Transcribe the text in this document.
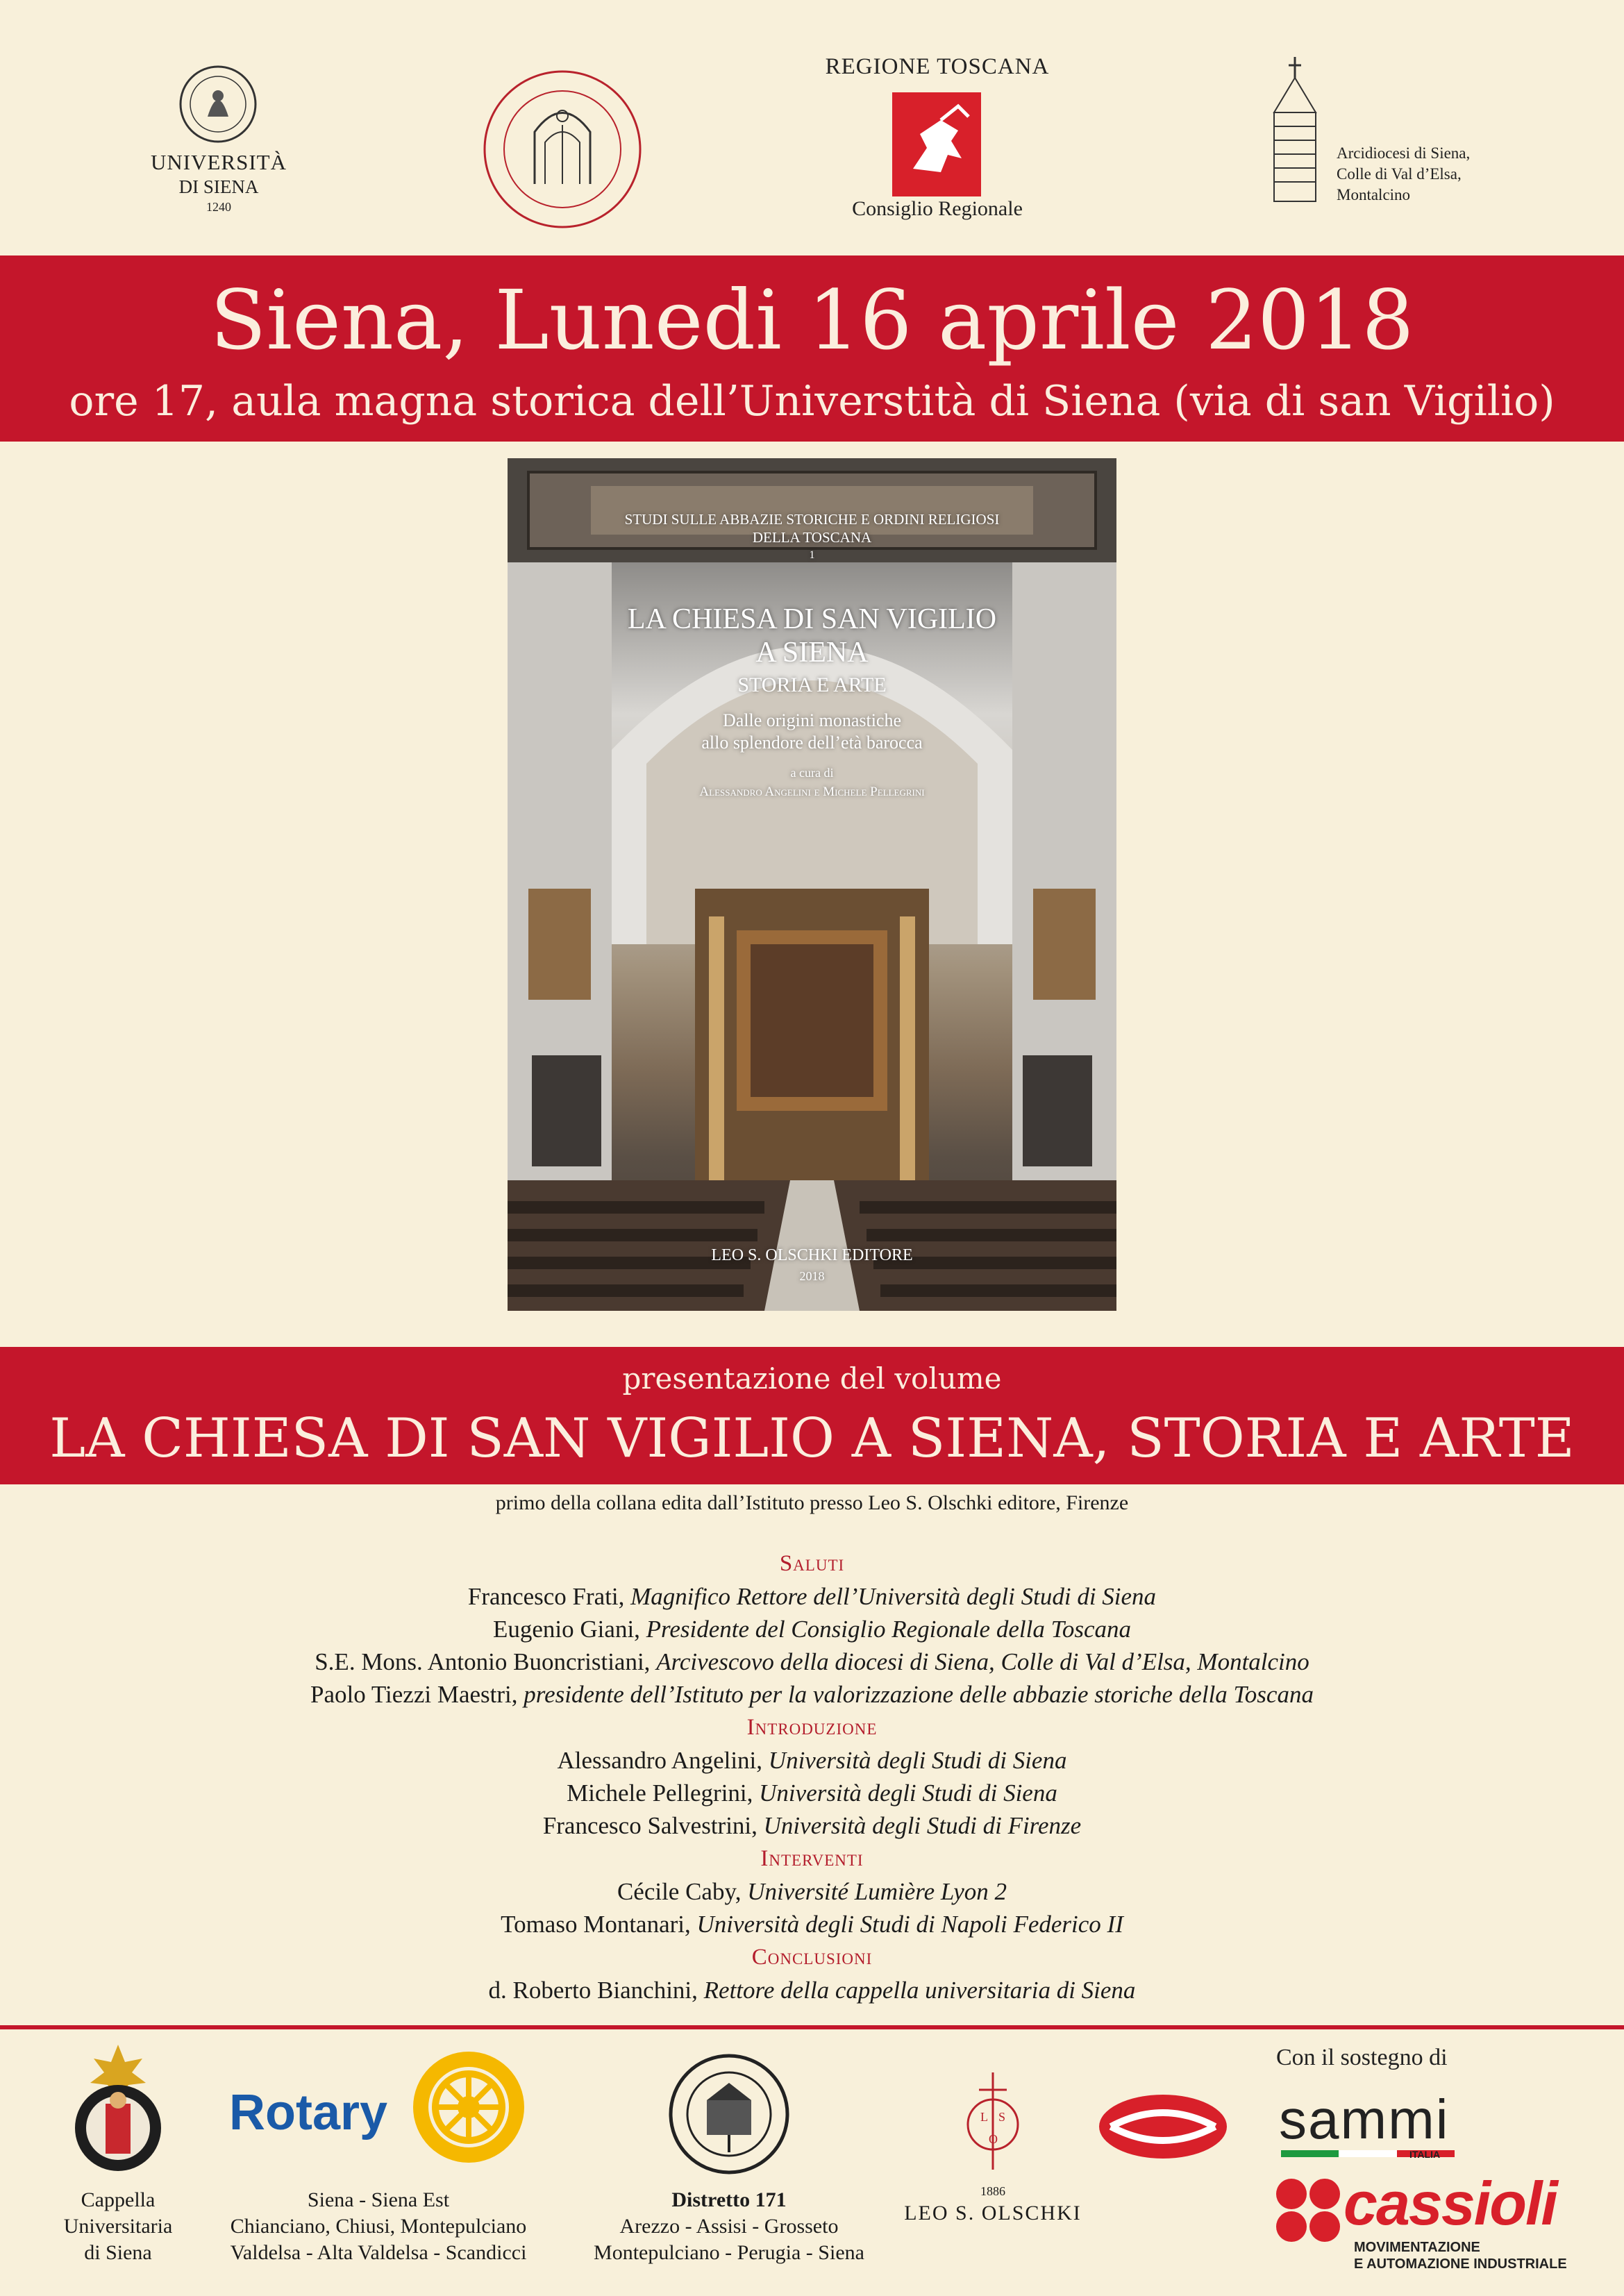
UNIVERSITÀ
DI SIENA
1240
REGIONE TOSCANA
Consiglio Regionale
Arcidiocesi di Siena,
Colle di Val d’Elsa,
Montalcino
Siena, Lunedi 16 aprile 2018
ore 17, aula magna storica dell’Universtità di Siena (via di san Vigilio)
STUDI SULLE ABBAZIE STORICHE E ORDINI RELIGIOSI
DELLA TOSCANA
1
LA CHIESA DI SAN VIGILIO
A SIENA
STORIA E ARTE
Dalle origini monastiche
allo splendore dell’età barocca
a cura di
Alessandro Angelini e Michele Pellegrini
LEO S. OLSCHKI EDITORE
2018
presentazione del volume
LA CHIESA DI SAN VIGILIO A SIENA, STORIA E ARTE
primo della collana edita dall’Istituto presso Leo S. Olschki editore, Firenze
Saluti
Francesco Frati, Magnifico Rettore dell’Università degli Studi di Siena
Eugenio Giani, Presidente del Consiglio Regionale della Toscana
S.E. Mons. Antonio Buoncristiani, Arcivescovo della diocesi di Siena, Colle di Val d’Elsa, Montalcino
Paolo Tiezzi Maestri, presidente dell’Istituto per la valorizzazione delle abbazie storiche della Toscana
Introduzione
Alessandro Angelini, Università degli Studi di Siena
Michele Pellegrini, Università degli Studi di Siena
Francesco Salvestrini, Università degli Studi di Firenze
Interventi
Cécile Caby, Université Lumière Lyon 2
Tomaso Montanari, Università degli Studi di Napoli Federico II
Conclusioni
d. Roberto Bianchini, Rettore della cappella universitaria di Siena
Cappella
Universitaria
di Siena
Rotary
Siena - Siena Est
Chianciano, Chiusi, Montepulciano
Valdelsa - Alta Valdelsa - Scandicci
Distretto 171
Arezzo - Assisi - Grosseto
Montepulciano - Perugia - Siena
L S
O
1886
LEO S. OLSCHKI
Con il sostegno di
sammi
ITALIA
cassioli
MOVIMENTAZIONE
E AUTOMAZIONE INDUSTRIALE
